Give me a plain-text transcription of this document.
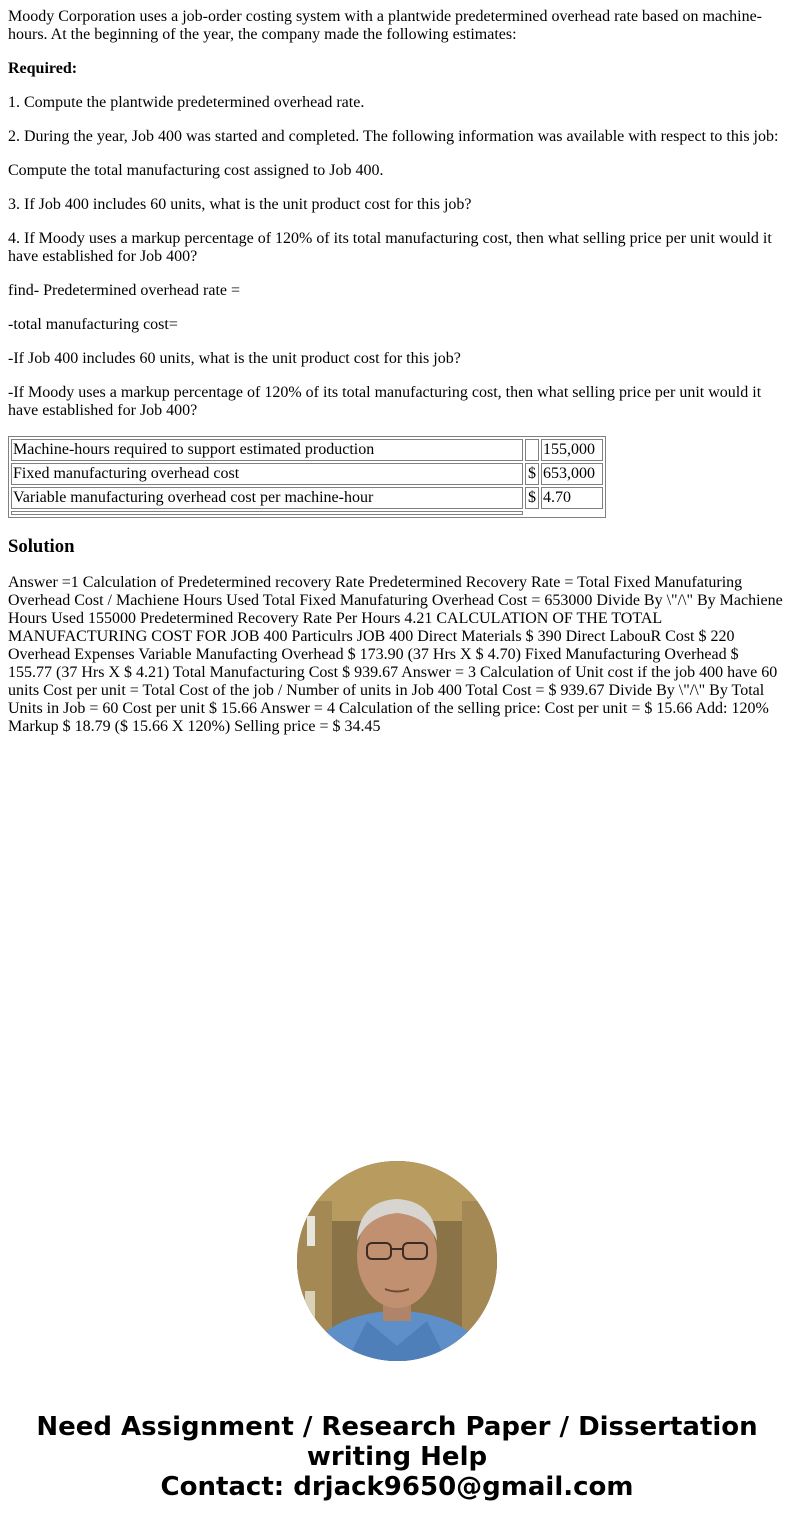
Moody Corporation uses a job-order costing system with a plantwide predetermined overhead rate based on machine-hours. At the beginning of the year, the company made the following estimates:

Required:

1. Compute the plantwide predetermined overhead rate.

2. During the year, Job 400 was started and completed. The following information was available with respect to this job:

Compute the total manufacturing cost assigned to Job 400.

3. If Job 400 includes 60 units, what is the unit product cost for this job?

4. If Moody uses a markup percentage of 120% of its total manufacturing cost, then what selling price per unit would it have established for Job 400?

find- Predetermined overhead rate =

-total manufacturing cost=

-If Job 400 includes 60 units, what is the unit product cost for this job?

-If Moody uses a markup percentage of 120% of its total manufacturing cost, then what selling price per unit would it have established for Job 400?

Machine-hours required to support estimated production		155,000
Fixed manufacturing overhead cost	$	653,000
Variable manufacturing overhead cost per machine-hour	$	4.70

Solution

Answer =1 Calculation of Predetermined recovery Rate Predetermined Recovery Rate = Total Fixed Manufaturing Overhead Cost / Machiene Hours Used Total Fixed Manufaturing Overhead Cost = 653000 Divide By \"/\" By Machiene Hours Used 155000 Predetermined Recovery Rate Per Hours 4.21 CALCULATION OF THE TOTAL MANUFACTURING COST FOR JOB 400 Particulrs JOB 400 Direct Materials $ 390 Direct LabouR Cost $ 220 Overhead Expenses Variable Manufacting Overhead $ 173.90 (37 Hrs X $ 4.70) Fixed Manufacturing Overhead $ 155.77 (37 Hrs X $ 4.21) Total Manufacturing Cost $ 939.67 Answer = 3 Calculation of Unit cost if the job 400 have 60 units Cost per unit = Total Cost of the job / Number of units in Job 400 Total Cost = $ 939.67 Divide By \"/\" By Total Units in Job = 60 Cost per unit $ 15.66 Answer = 4 Calculation of the selling price: Cost per unit = $ 15.66 Add: 120% Markup $ 18.79 ($ 15.66 X 120%) Selling price = $ 34.45

Need Assignment / Research Paper / Dissertation writing Help
Contact: drjack9650@gmail.com
